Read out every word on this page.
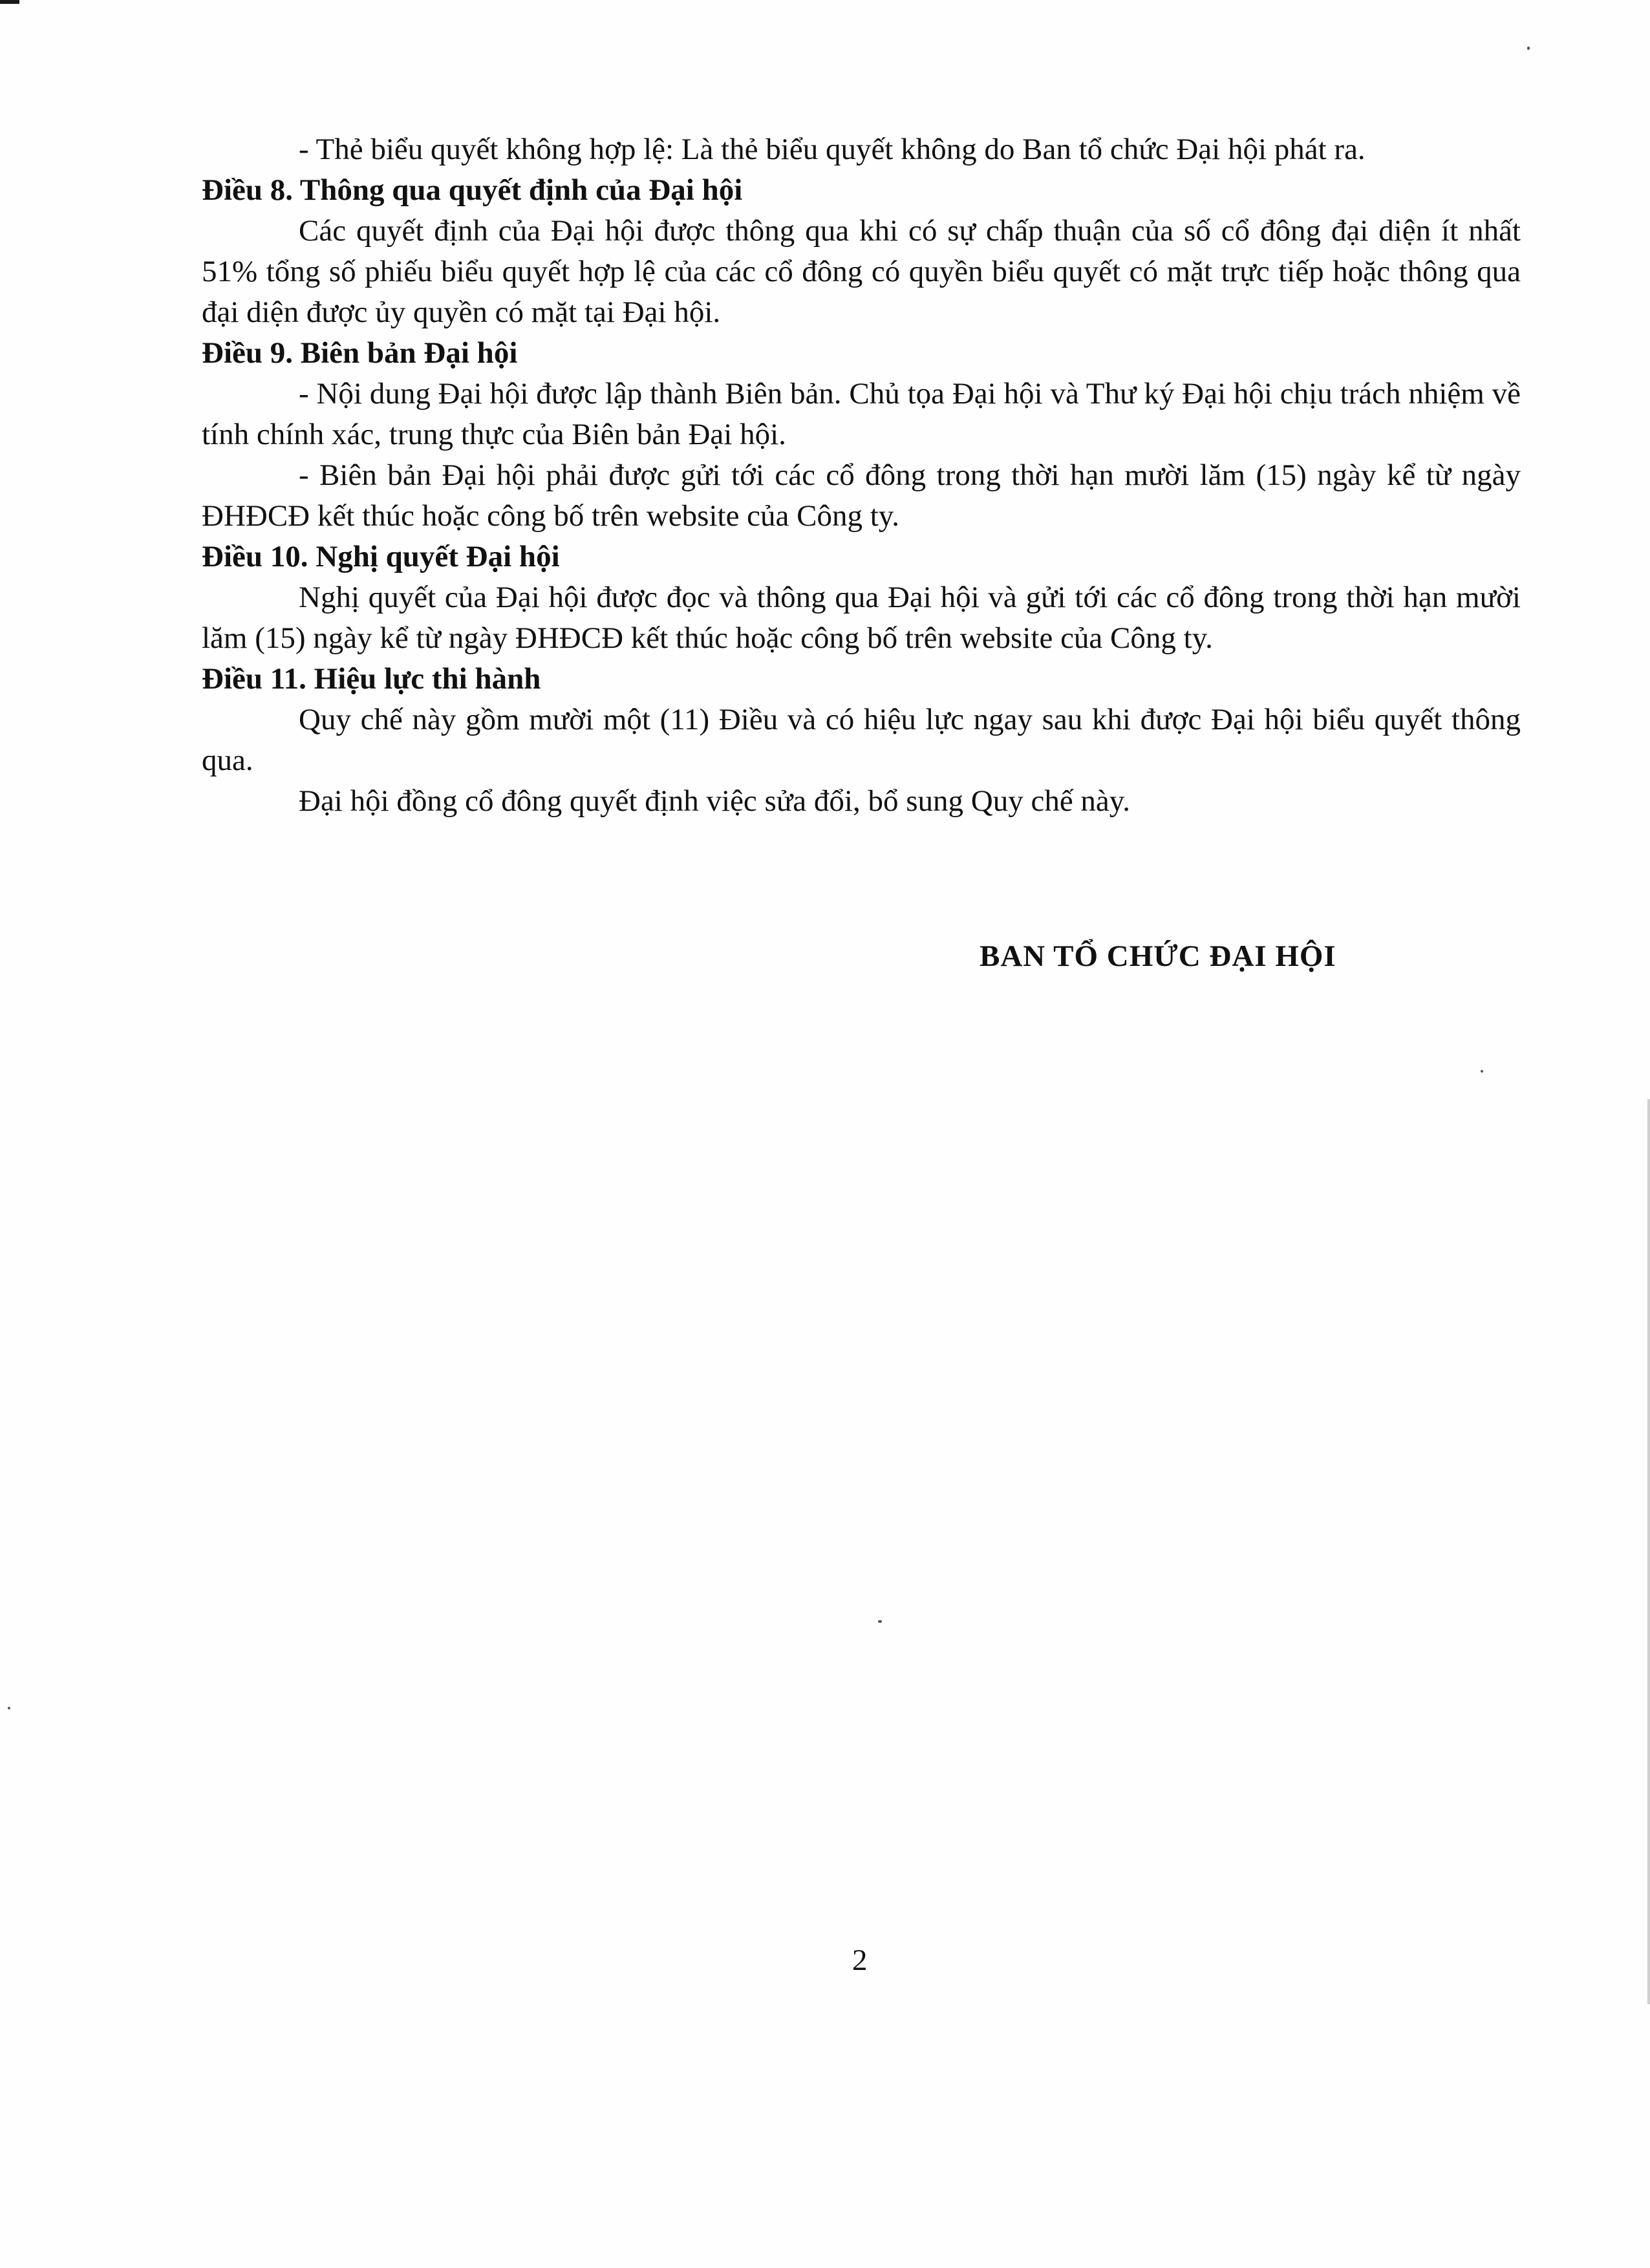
- Thẻ biểu quyết không hợp lệ: Là thẻ biểu quyết không do Ban tổ chức Đại hội phát ra.

Điều 8. Thông qua quyết định của Đại hội

Các quyết định của Đại hội được thông qua khi có sự chấp thuận của số cổ đông đại diện ít nhất 51% tổng số phiếu biểu quyết hợp lệ của các cổ đông có quyền biểu quyết có mặt trực tiếp hoặc thông qua đại diện được ủy quyền có mặt tại Đại hội.

Điều 9. Biên bản Đại hội

- Nội dung Đại hội được lập thành Biên bản. Chủ tọa Đại hội và Thư ký Đại hội chịu trách nhiệm về tính chính xác, trung thực của Biên bản Đại hội.

- Biên bản Đại hội phải được gửi tới các cổ đông trong thời hạn mười lăm (15) ngày kể từ ngày ĐHĐCĐ kết thúc hoặc công bố trên website của Công ty.

Điều 10. Nghị quyết Đại hội

Nghị quyết của Đại hội được đọc và thông qua Đại hội và gửi tới các cổ đông trong thời hạn mười lăm (15) ngày kể từ ngày ĐHĐCĐ kết thúc hoặc công bố trên website của Công ty.

Điều 11. Hiệu lực thi hành

Quy chế này gồm mười một (11) Điều và có hiệu lực ngay sau khi được Đại hội biểu quyết thông qua.

Đại hội đồng cổ đông quyết định việc sửa đổi, bổ sung Quy chế này.

BAN TỔ CHỨC ĐẠI HỘI
2
